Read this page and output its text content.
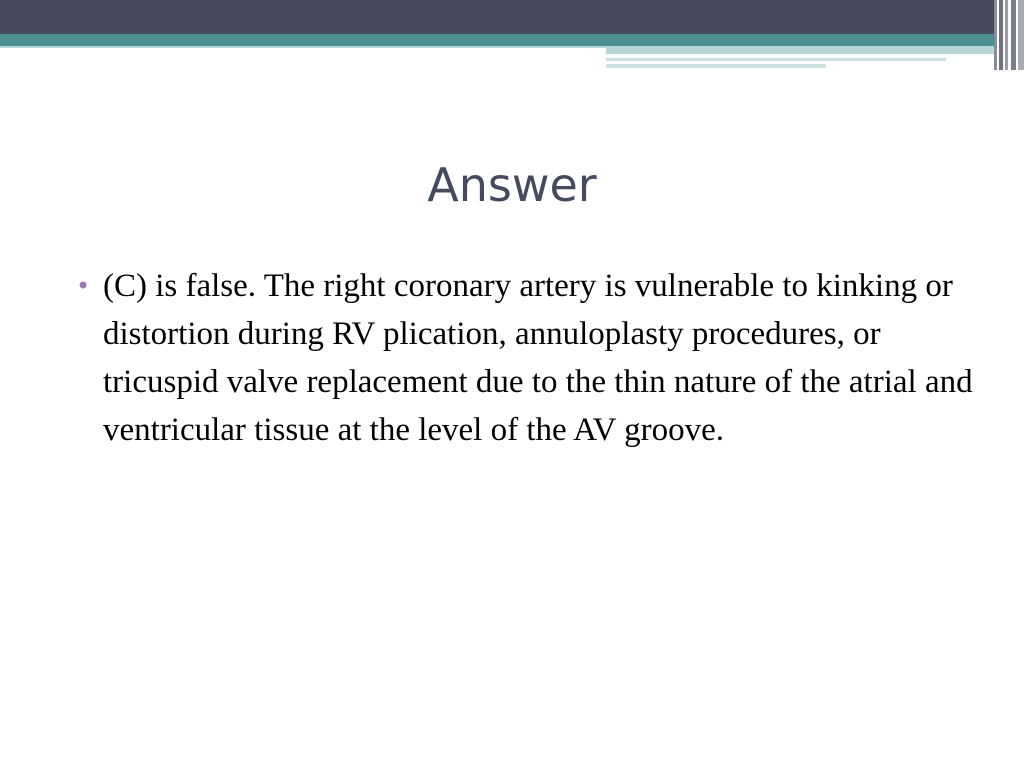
Answer
• (C) is false. The right coronary artery is vulnerable to kinking or distortion during RV plication, annuloplasty procedures, or tricuspid valve replacement due to the thin nature of the atrial and ventricular tissue at the level of the AV groove.
